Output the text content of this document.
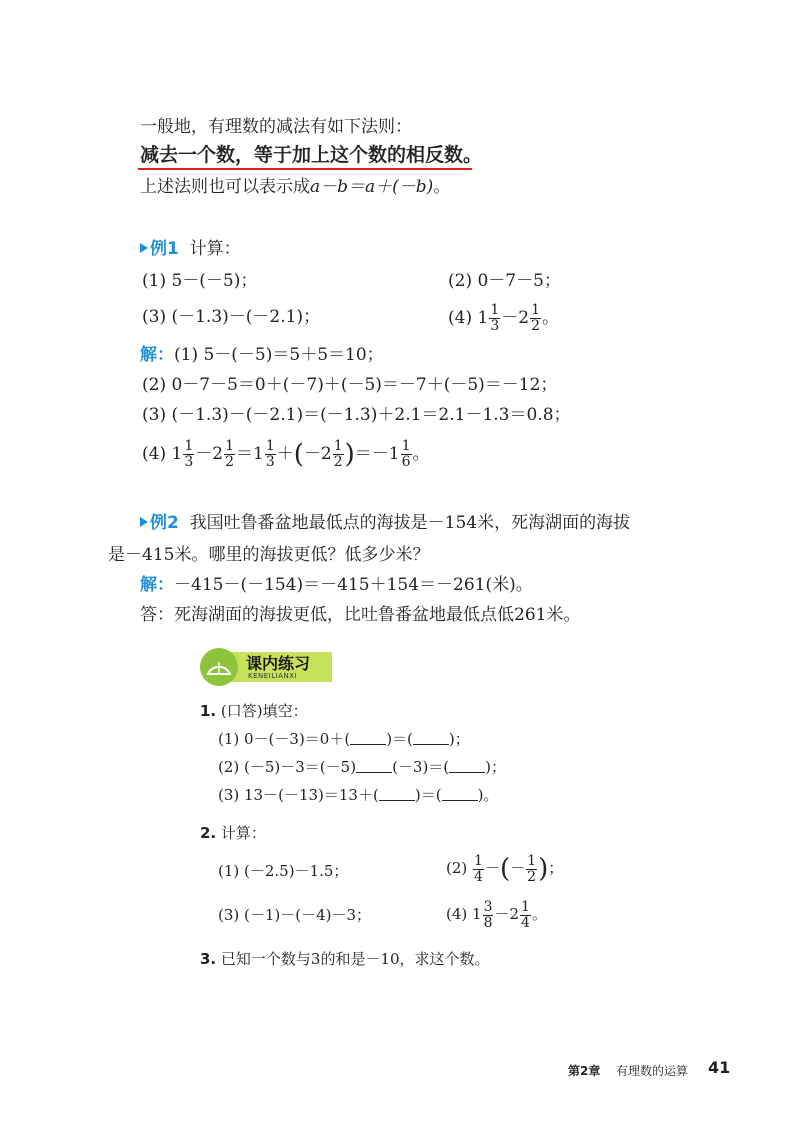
一般地，有理数的减法有如下法则：
减去一个数，等于加上这个数的相反数。
上述法则也可以表示成a－b＝a＋(－b)。
例1 计算：
(1) 5－(－5)；	(2) 0－7－5；
(3) (－1.3)－(－2.1)；	(4) $1 \frac{1}{3} -2 \frac{1}{2}$ 。
解：(1) 5－(－5)＝5＋5＝10；
(2) 0－7－5＝0＋(－7)＋(－5)＝－7＋(－5)＝－12；
(3) (－1.3)－(－2.1)＝(－1.3)＋2.1＝2.1－1.3＝0.8；
(4) $1 \frac{1}{3} -2 \frac{1}{2} =1 \frac{1}{3} +(-2 \frac{1}{2} )=-1 \frac{1}{6}$ 。
例2 我国吐鲁番盆地最低点的海拔是－154米，死海湖面的海拔
是－415米。哪里的海拔更低？低多少米？
解：－415－(－154)＝－415＋154＝－261(米)。
答：死海湖面的海拔更低，比吐鲁番盆地最低点低261米。
课内练习
KENEILIANXI
1. (口答)填空：
(1) 0－(－3)＝0＋( )＝( )；
(2) (－5)－3＝(－5) (－3)＝( )；
(3) 13－(－13)＝13＋( )＝( )。
2. 计算：
(1) (－2.5)－1.5；	$(2) \frac{1}{4}$ －(－ $\frac{1}{2}$ )；
(3) (－1)－(－4)－3；	(4) $1 \frac{3}{8} -2 \frac{1}{4}$ 。
3. 已知一个数与3的和是－10，求这个数。
第2章 有理数的运算 41
